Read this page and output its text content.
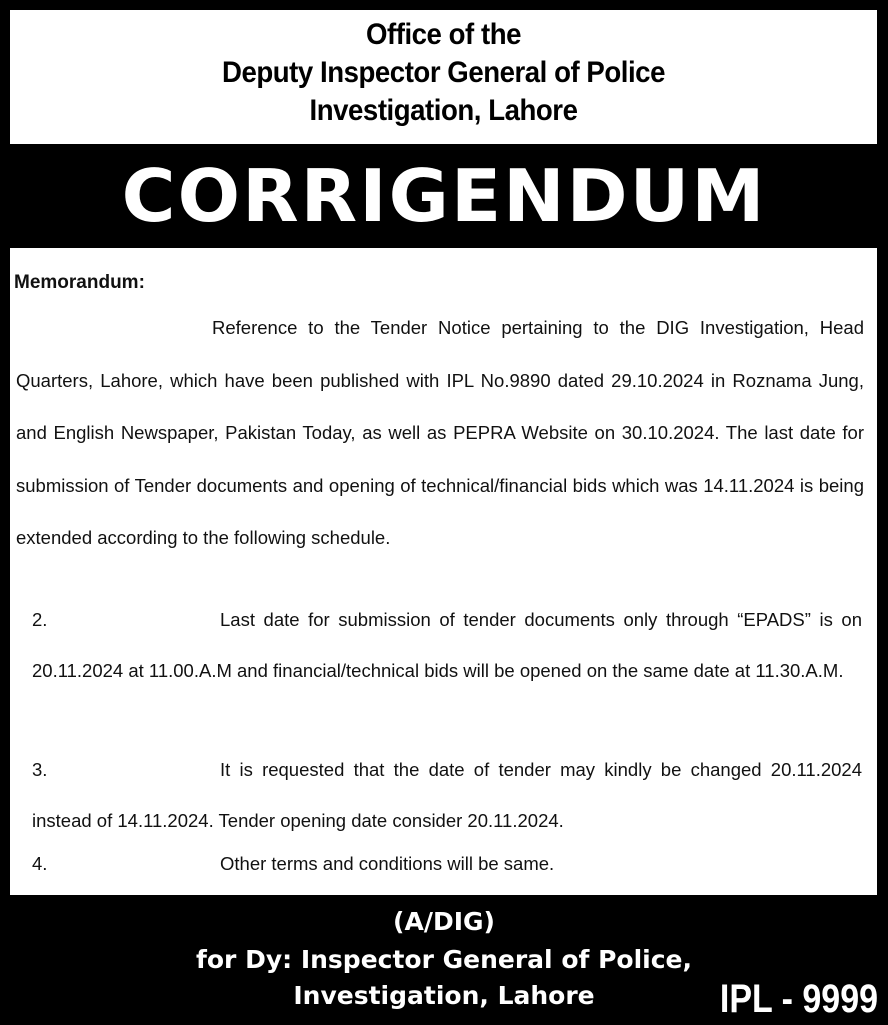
Office of the
Deputy Inspector General of Police
Investigation, Lahore
CORRIGENDUM
Memorandum:
Reference to the Tender Notice pertaining to the DIG Investigation, Head Quarters, Lahore, which have been published with IPL No.9890 dated 29.10.2024 in Roznama Jung, and English Newspaper, Pakistan Today, as well as PEPRA Website on 30.10.2024. The last date for submission of Tender documents and opening of technical/financial bids which was 14.11.2024 is being extended according to the following schedule.
2.	Last date for submission of tender documents only through “EPADS” is on 20.11.2024 at 11.00.A.M and financial/technical bids will be opened on the same date at 11.30.A.M.
3.	It is requested that the date of tender may kindly be changed 20.11.2024 instead of 14.11.2024. Tender opening date consider 20.11.2024.
4.	Other terms and conditions will be same.
(A/DIG)
for Dy: Inspector General of Police,
Investigation, Lahore	IPL - 9999
